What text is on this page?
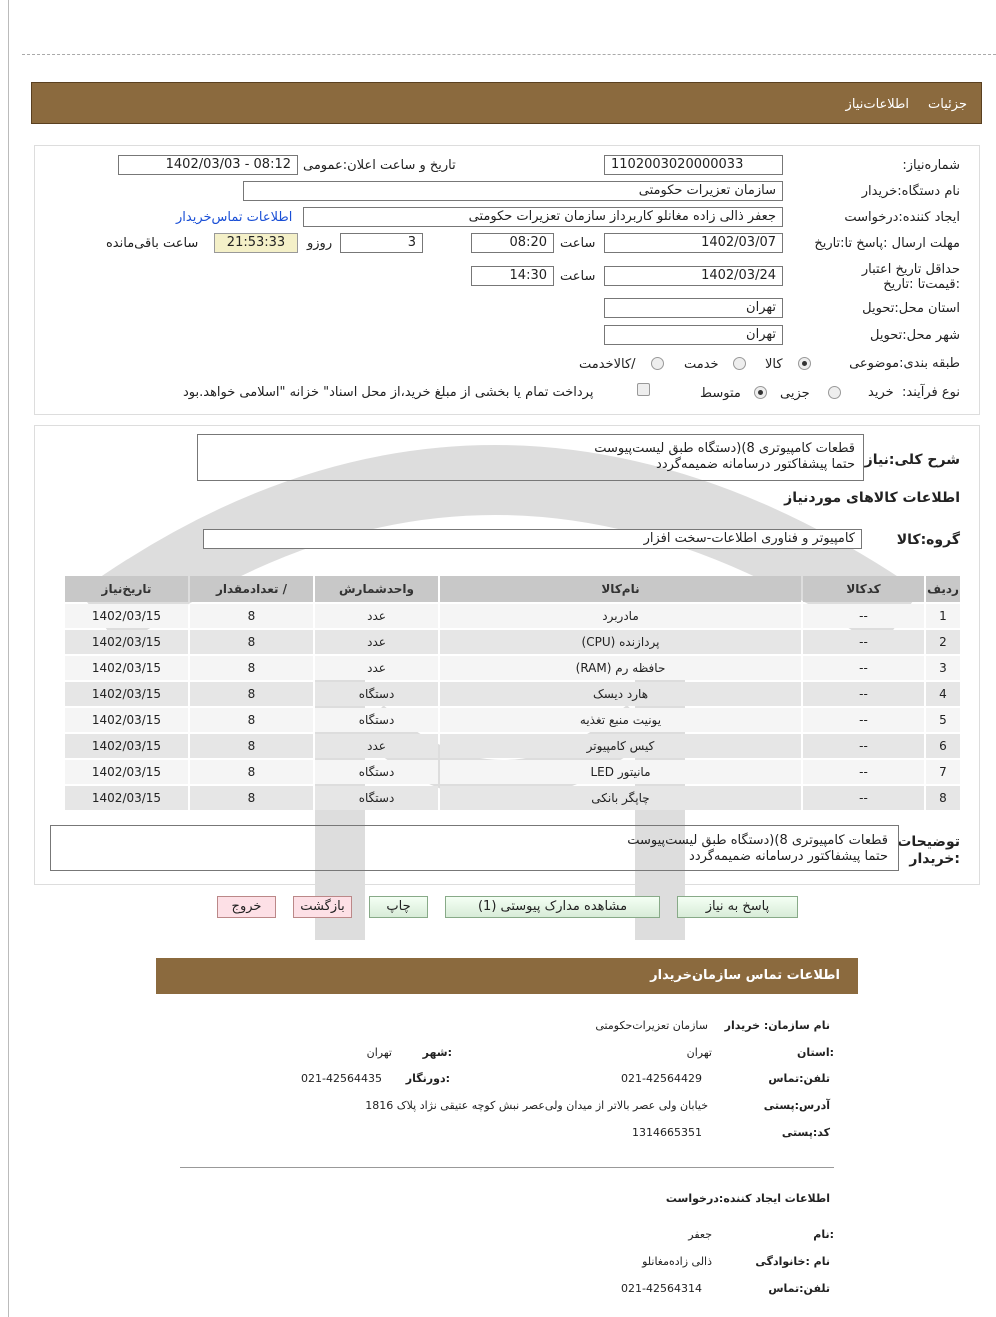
جزئیات
اطلاعات‌نیاز
شماره‌نیاز:
1102003020000033
تاریخ و ساعت اعلان:عمومی
1402/03/03 - 08:12
نام دستگاه:خریدار
سازمان تعزیرات حکومتی
ایجاد کننده:درخواست
جعفر ذالی زاده مغانلو کاربرداز سازمان تعزیرات حکومتی
اطلاعات تماس‌خریدار
مهلت ارسال :پاسخ تا:تاریخ
1402/03/07
ساعت
08:20
3
روزو
21:53:33
ساعت باقی‌مانده
حداقل تاریخ اعتبار :قیمت‌تا :تاریخ
1402/03/24
ساعت
14:30
استان محل:تحویل
تهران
شهر محل:تحویل
تهران
طبقه بندی:موضوعی
کالا
خدمت
/کالاخدمت
نوع فرآیند:
خرید
جزیی
متوسط
پرداخت تمام یا بخشی از مبلغ خرید،از محل اسناد" خزانه "اسلامی خواهد.بود
شرح کلی:نیاز
قطعات کامپیوتری 8)(دستگاه طبق لیست‌پیوست
حتما پیشفاکتور در‌سامانه ضمیمه‌گردد
اطلاعات کالاهای موردنیاز
گروه:کالا
کامپیوتر و فناوری اطلاعات-سخت افزار
ردیف	کدکالا	نام‌کالا	واحدشمارش	/ تعدادمقدار	تاریخ‌نیاز
1	--	مادربرد	عدد	8	1402/03/15
2	--	پردازنده (CPU)	عدد	8	1402/03/15
3	--	حافظه رم (RAM)	عدد	8	1402/03/15
4	--	هارد دیسک	دستگاه	8	1402/03/15
5	--	یونیت منبع تغذیه	دستگاه	8	1402/03/15
6	--	کیس کامپیوتر	عدد	8	1402/03/15
7	--	مانیتور LED	دستگاه	8	1402/03/15
8	--	چاپگر بانکی	دستگاه	8	1402/03/15
توضیحات
:خریدار
قطعات کامپیوتری 8)(دستگاه طبق لیست‌پیوست
حتما پیشفاکتور در‌سامانه ضمیمه‌گردد
پاسخ به نیاز
مشاهده مدارک پیوستی (1)
چاپ
بازگشت
خروج
اطلاعات تماس سازمان‌خریدار
نام سازمان: خریدار
سازمان تعزیرات‌حکومتی
:استان
تهران
:شهر
تهران
تلفن:تماس
021-42564429
:دورنگار
021-42564435
آدرس:پستی
خیابان ولی عصر بالاتر از میدان ولی‌عصر نبش کوچه عتیقی نژاد پلاک 1816
کد:پستی
1314665351
اطلاعات ایجاد کننده:درخواست
:نام
جعفر
نام :خانوادگی
ذالی زادەمغانلو
تلفن:تماس
021-42564314
